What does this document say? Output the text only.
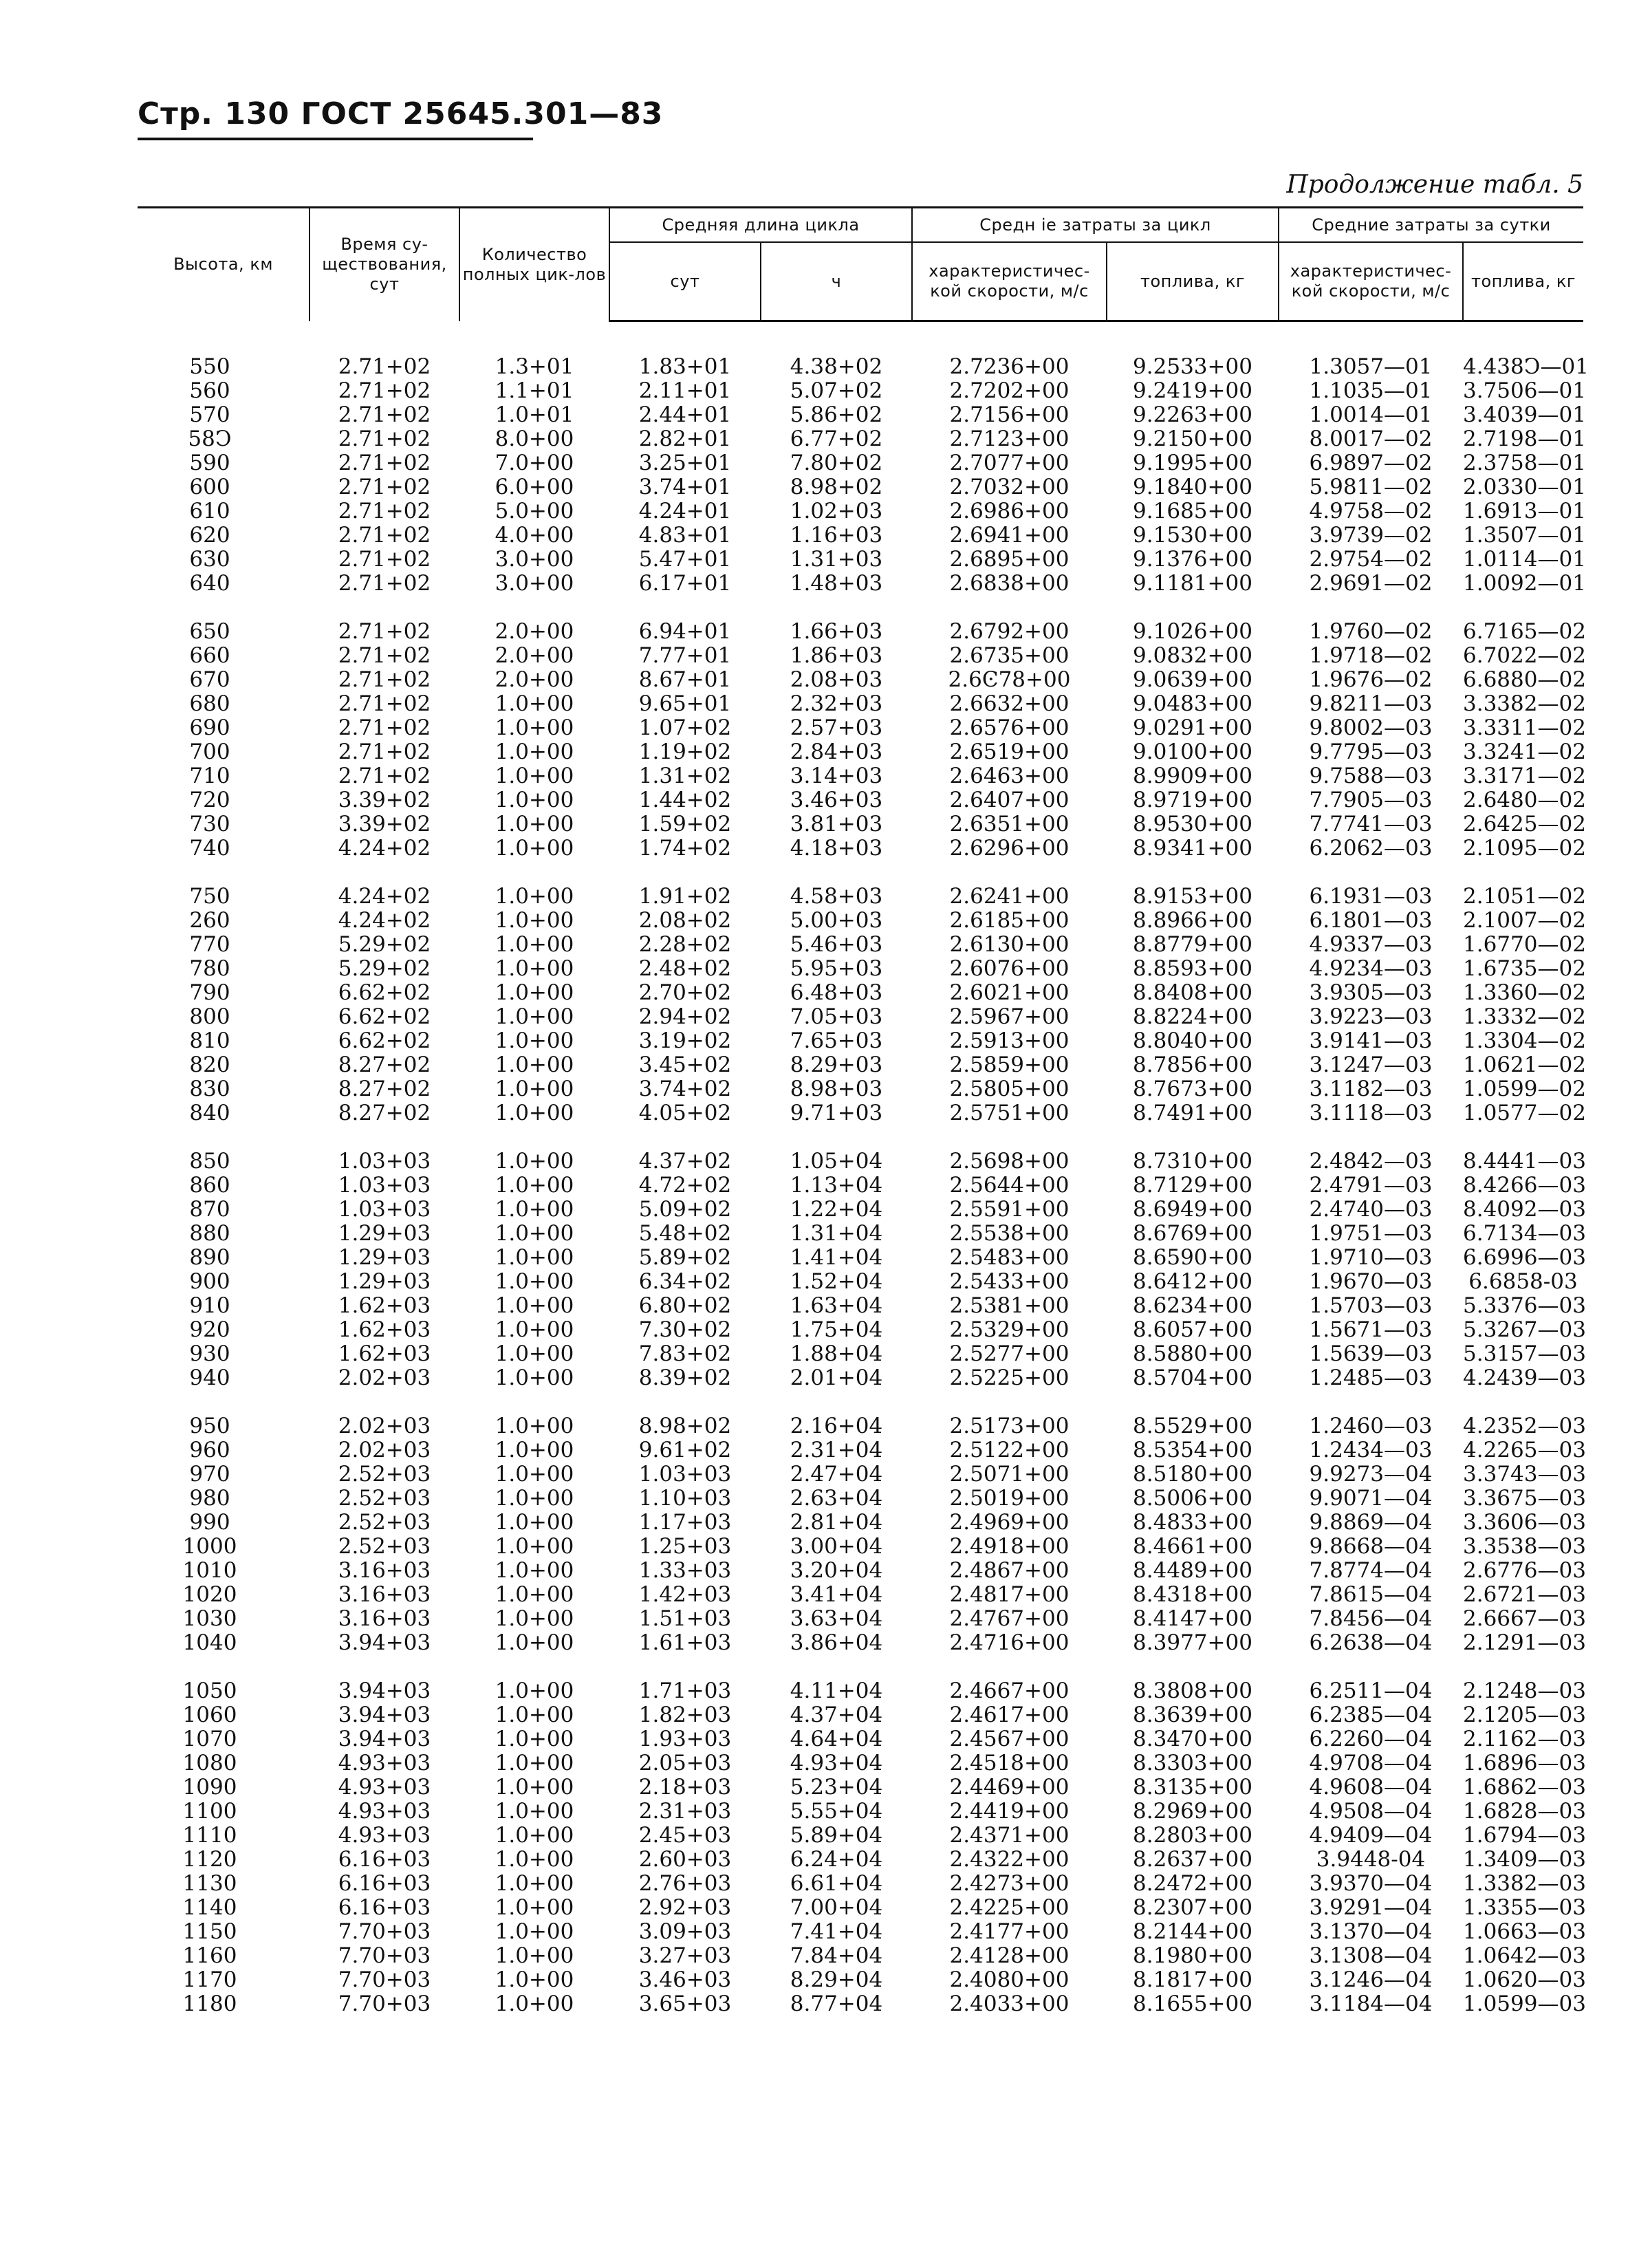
Стр. 130 ГОСТ 25645.301—83
Продолжение табл. 5
Высота, км	Время су-ществования, сут	Количество полных цик-лов	Средняя длина цикла		Средн іе затраты за цикл		Средние затраты за сутки	
			сут	ч	характеристичес-кой скорости, м/с	топлива, кг	характеристичес-кой скорости, м/с	топлива, кг

550	2.71+02	1.3+01	1.83+01	4.38+02	2.7236+00	9.2533+00	1.3057—01	4.438Ͻ—01
560	2.71+02	1.1+01	2.11+01	5.07+02	2.7202+00	9.2419+00	1.1035—01	3.7506—01
570	2.71+02	1.0+01	2.44+01	5.86+02	2.7156+00	9.2263+00	1.0014—01	3.4039—01
58Ͻ	2.71+02	8.0+00	2.82+01	6.77+02	2.7123+00	9.2150+00	8.0017—02	2.7198—01
590	2.71+02	7.0+00	3.25+01	7.80+02	2.7077+00	9.1995+00	6.9897—02	2.3758—01
600	2.71+02	6.0+00	3.74+01	8.98+02	2.7032+00	9.1840+00	5.9811—02	2.0330—01
610	2.71+02	5.0+00	4.24+01	1.02+03	2.6986+00	9.1685+00	4.9758—02	1.6913—01
620	2.71+02	4.0+00	4.83+01	1.16+03	2.6941+00	9.1530+00	3.9739—02	1.3507—01
630	2.71+02	3.0+00	5.47+01	1.31+03	2.6895+00	9.1376+00	2.9754—02	1.0114—01
640	2.71+02	3.0+00	6.17+01	1.48+03	2.6838+00	9.1181+00	2.9691—02	1.0092—01

650	2.71+02	2.0+00	6.94+01	1.66+03	2.6792+00	9.1026+00	1.9760—02	6.7165—02
660	2.71+02	2.0+00	7.77+01	1.86+03	2.6735+00	9.0832+00	1.9718—02	6.7022—02
670	2.71+02	2.0+00	8.67+01	2.08+03	2.6Ͼ78+00	9.0639+00	1.9676—02	6.6880—02
680	2.71+02	1.0+00	9.65+01	2.32+03	2.6632+00	9.0483+00	9.8211—03	3.3382—02
690	2.71+02	1.0+00	1.07+02	2.57+03	2.6576+00	9.0291+00	9.8002—03	3.3311—02
700	2.71+02	1.0+00	1.19+02	2.84+03	2.6519+00	9.0100+00	9.7795—03	3.3241—02
710	2.71+02	1.0+00	1.31+02	3.14+03	2.6463+00	8.9909+00	9.7588—03	3.3171—02
720	3.39+02	1.0+00	1.44+02	3.46+03	2.6407+00	8.9719+00	7.7905—03	2.6480—02
730	3.39+02	1.0+00	1.59+02	3.81+03	2.6351+00	8.9530+00	7.7741—03	2.6425—02
740	4.24+02	1.0+00	1.74+02	4.18+03	2.6296+00	8.9341+00	6.2062—03	2.1095—02

750	4.24+02	1.0+00	1.91+02	4.58+03	2.6241+00	8.9153+00	6.1931—03	2.1051—02
260	4.24+02	1.0+00	2.08+02	5.00+03	2.6185+00	8.8966+00	6.1801—03	2.1007—02
770	5.29+02	1.0+00	2.28+02	5.46+03	2.6130+00	8.8779+00	4.9337—03	1.6770—02
780	5.29+02	1.0+00	2.48+02	5.95+03	2.6076+00	8.8593+00	4.9234—03	1.6735—02
790	6.62+02	1.0+00	2.70+02	6.48+03	2.6021+00	8.8408+00	3.9305—03	1.3360—02
800	6.62+02	1.0+00	2.94+02	7.05+03	2.5967+00	8.8224+00	3.9223—03	1.3332—02
810	6.62+02	1.0+00	3.19+02	7.65+03	2.5913+00	8.8040+00	3.9141—03	1.3304—02
820	8.27+02	1.0+00	3.45+02	8.29+03	2.5859+00	8.7856+00	3.1247—03	1.0621—02
830	8.27+02	1.0+00	3.74+02	8.98+03	2.5805+00	8.7673+00	3.1182—03	1.0599—02
840	8.27+02	1.0+00	4.05+02	9.71+03	2.5751+00	8.7491+00	3.1118—03	1.0577—02

850	1.03+03	1.0+00	4.37+02	1.05+04	2.5698+00	8.7310+00	2.4842—03	8.4441—03
860	1.03+03	1.0+00	4.72+02	1.13+04	2.5644+00	8.7129+00	2.4791—03	8.4266—03
870	1.03+03	1.0+00	5.09+02	1.22+04	2.5591+00	8.6949+00	2.4740—03	8.4092—03
880	1.29+03	1.0+00	5.48+02	1.31+04	2.5538+00	8.6769+00	1.9751—03	6.7134—03
890	1.29+03	1.0+00	5.89+02	1.41+04	2.5483+00	8.6590+00	1.9710—03	6.6996—03
900	1.29+03	1.0+00	6.34+02	1.52+04	2.5433+00	8.6412+00	1.9670—03	6.6858-03
910	1.62+03	1.0+00	6.80+02	1.63+04	2.5381+00	8.6234+00	1.5703—03	5.3376—03
920	1.62+03	1.0+00	7.30+02	1.75+04	2.5329+00	8.6057+00	1.5671—03	5.3267—03
930	1.62+03	1.0+00	7.83+02	1.88+04	2.5277+00	8.5880+00	1.5639—03	5.3157—03
940	2.02+03	1.0+00	8.39+02	2.01+04	2.5225+00	8.5704+00	1.2485—03	4.2439—03

950	2.02+03	1.0+00	8.98+02	2.16+04	2.5173+00	8.5529+00	1.2460—03	4.2352—03
960	2.02+03	1.0+00	9.61+02	2.31+04	2.5122+00	8.5354+00	1.2434—03	4.2265—03
970	2.52+03	1.0+00	1.03+03	2.47+04	2.5071+00	8.5180+00	9.9273—04	3.3743—03
980	2.52+03	1.0+00	1.10+03	2.63+04	2.5019+00	8.5006+00	9.9071—04	3.3675—03
990	2.52+03	1.0+00	1.17+03	2.81+04	2.4969+00	8.4833+00	9.8869—04	3.3606—03
1000	2.52+03	1.0+00	1.25+03	3.00+04	2.4918+00	8.4661+00	9.8668—04	3.3538—03
1010	3.16+03	1.0+00	1.33+03	3.20+04	2.4867+00	8.4489+00	7.8774—04	2.6776—03
1020	3.16+03	1.0+00	1.42+03	3.41+04	2.4817+00	8.4318+00	7.8615—04	2.6721—03
1030	3.16+03	1.0+00	1.51+03	3.63+04	2.4767+00	8.4147+00	7.8456—04	2.6667—03
1040	3.94+03	1.0+00	1.61+03	3.86+04	2.4716+00	8.3977+00	6.2638—04	2.1291—03

1050	3.94+03	1.0+00	1.71+03	4.11+04	2.4667+00	8.3808+00	6.2511—04	2.1248—03
1060	3.94+03	1.0+00	1.82+03	4.37+04	2.4617+00	8.3639+00	6.2385—04	2.1205—03
1070	3.94+03	1.0+00	1.93+03	4.64+04	2.4567+00	8.3470+00	6.2260—04	2.1162—03
1080	4.93+03	1.0+00	2.05+03	4.93+04	2.4518+00	8.3303+00	4.9708—04	1.6896—03
1090	4.93+03	1.0+00	2.18+03	5.23+04	2.4469+00	8.3135+00	4.9608—04	1.6862—03
1100	4.93+03	1.0+00	2.31+03	5.55+04	2.4419+00	8.2969+00	4.9508—04	1.6828—03
1110	4.93+03	1.0+00	2.45+03	5.89+04	2.4371+00	8.2803+00	4.9409—04	1.6794—03
1120	6.16+03	1.0+00	2.60+03	6.24+04	2.4322+00	8.2637+00	3.9448-04	1.3409—03
1130	6.16+03	1.0+00	2.76+03	6.61+04	2.4273+00	8.2472+00	3.9370—04	1.3382—03
1140	6.16+03	1.0+00	2.92+03	7.00+04	2.4225+00	8.2307+00	3.9291—04	1.3355—03
1150	7.70+03	1.0+00	3.09+03	7.41+04	2.4177+00	8.2144+00	3.1370—04	1.0663—03
1160	7.70+03	1.0+00	3.27+03	7.84+04	2.4128+00	8.1980+00	3.1308—04	1.0642—03
1170	7.70+03	1.0+00	3.46+03	8.29+04	2.4080+00	8.1817+00	3.1246—04	1.0620—03
1180	7.70+03	1.0+00	3.65+03	8.77+04	2.4033+00	8.1655+00	3.1184—04	1.0599—03
